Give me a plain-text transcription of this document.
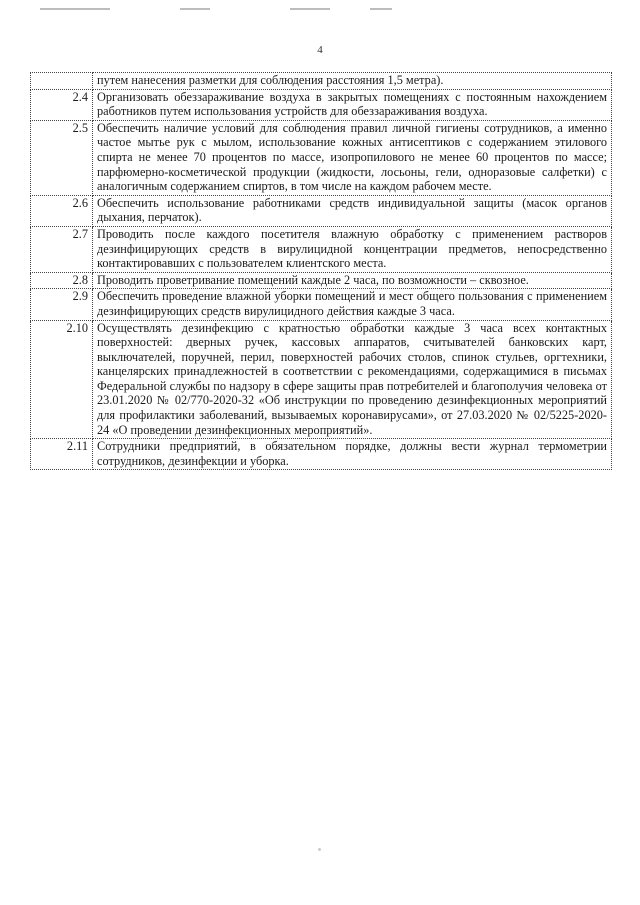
4
	путем нанесения разметки для соблюдения расстояния 1,5 метра).
2.4	Организовать обеззараживание воздуха в закрытых помещениях с постоянным нахождением работников путем использования устройств для обеззараживания воздуха.
2.5	Обеспечить наличие условий для соблюдения правил личной гигиены сотрудников, а именно частое мытье рук с мылом, использование кожных антисептиков с содержанием этилового спирта не менее 70 процентов по массе, изопропилового не менее 60 процентов по массе; парфюмерно-косметической продукции (жидкости, лосьоны, гели, одноразовые салфетки) с аналогичным содержанием спиртов, в том числе на каждом рабочем месте.
2.6	Обеспечить использование работниками средств индивидуальной защиты (масок органов дыхания, перчаток).
2.7	Проводить после каждого посетителя влажную обработку с применением растворов дезинфицирующих средств в вирулицидной концентрации предметов, непосредственно контактировавших с пользователем клиентского места.
2.8	Проводить проветривание помещений каждые 2 часа, по возможности – сквозное.
2.9	Обеспечить проведение влажной уборки помещений и мест общего пользования с применением дезинфицирующих средств вирулицидного действия каждые 3 часа.
2.10	Осуществлять дезинфекцию с кратностью обработки каждые 3 часа всех контактных поверхностей: дверных ручек, кассовых аппаратов, считывателей банковских карт, выключателей, поручней, перил, поверхностей рабочих столов, спинок стульев, оргтехники, канцелярских принадлежностей в соответствии с рекомендациями, содержащимися в письмах Федеральной службы по надзору в сфере защиты прав потребителей и благополучия человека от 23.01.2020 № 02/770-2020-32 «Об инструкции по проведению дезинфекционных мероприятий для профилактики заболеваний, вызываемых коронавирусами», от 27.03.2020 № 02/5225-2020-24 «О проведении дезинфекционных мероприятий».
2.11	Сотрудники предприятий, в обязательном порядке, должны вести журнал термометрии сотрудников, дезинфекции и уборка.
